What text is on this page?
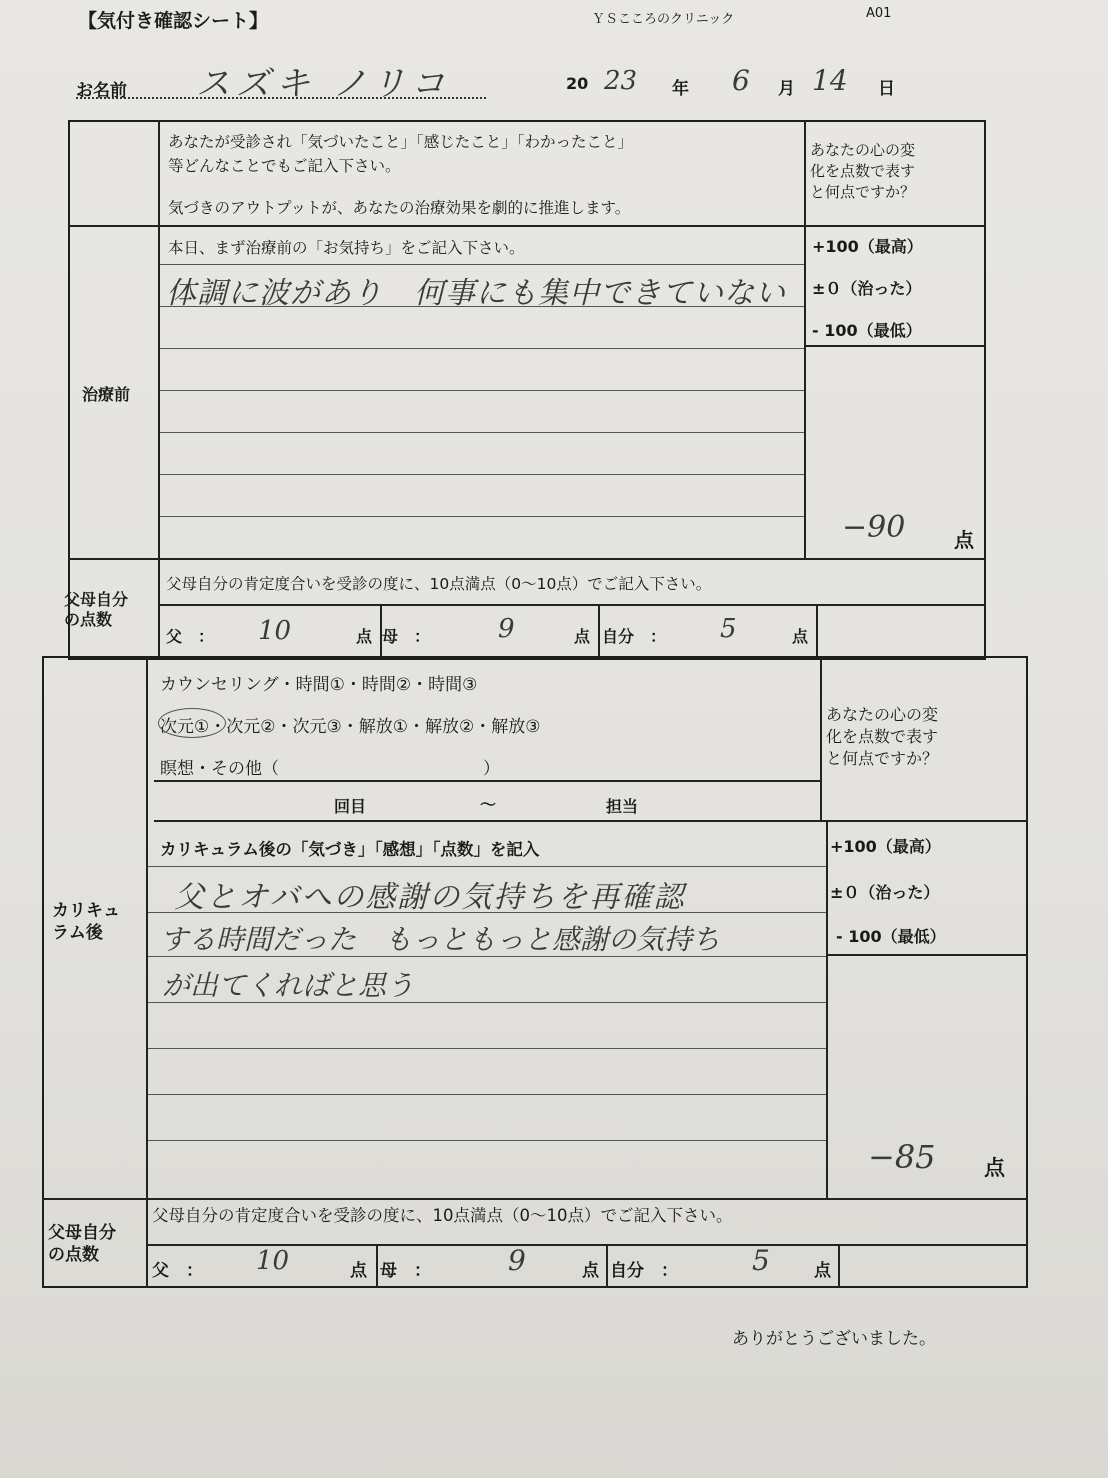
【気付き確認シート】	ＹＳこころのクリニック	A01
お名前 スズキ ノリコ	20 23 年 6 月 14 日
あなたが受診され「気づいたこと」「感じたこと」「わかったこと」
等どんなことでもご記入下さい。
気づきのアウトプットが、あなたの治療効果を劇的に推進します。
あなたの心の変
化を点数で表す
と何点ですか？
治療前
本日、まず治療前の「お気持ち」をご記入下さい。	+100（最高）
±０（治った）
- 100（最低）
体調に波があり　何事にも集中できていない
−90 点
父母自分
の点数
父母自分の肯定度合いを受診の度に、10点満点（0〜10点）でご記入下さい。
父　： 10	点 母　：	9	点 自分　： 5	点
カリキュ
ラム後
カウンセリング・時間①・時間②・時間③
次元①・次元②・次元③・解放①・解放②・解放③
瞑想・その他（　　　　　　　　　　　　）
あなたの心の変
化を点数で表す
と何点ですか？
回目	〜	担当
カリキュラム後の「気づき」「感想」「点数」を記入	+100（最高）
±０（治った）
- 100（最低）
父とオバへの感謝の気持ちを再確認
する時間だった　もっともっと感謝の気持ち
が出てくればと思う
−85 点
父母自分
の点数
父母自分の肯定度合いを受診の度に、10点満点（0〜10点）でご記入下さい。
父　： 10	点 母　：	9	点 自分　：	5	点
ありがとうございました。
